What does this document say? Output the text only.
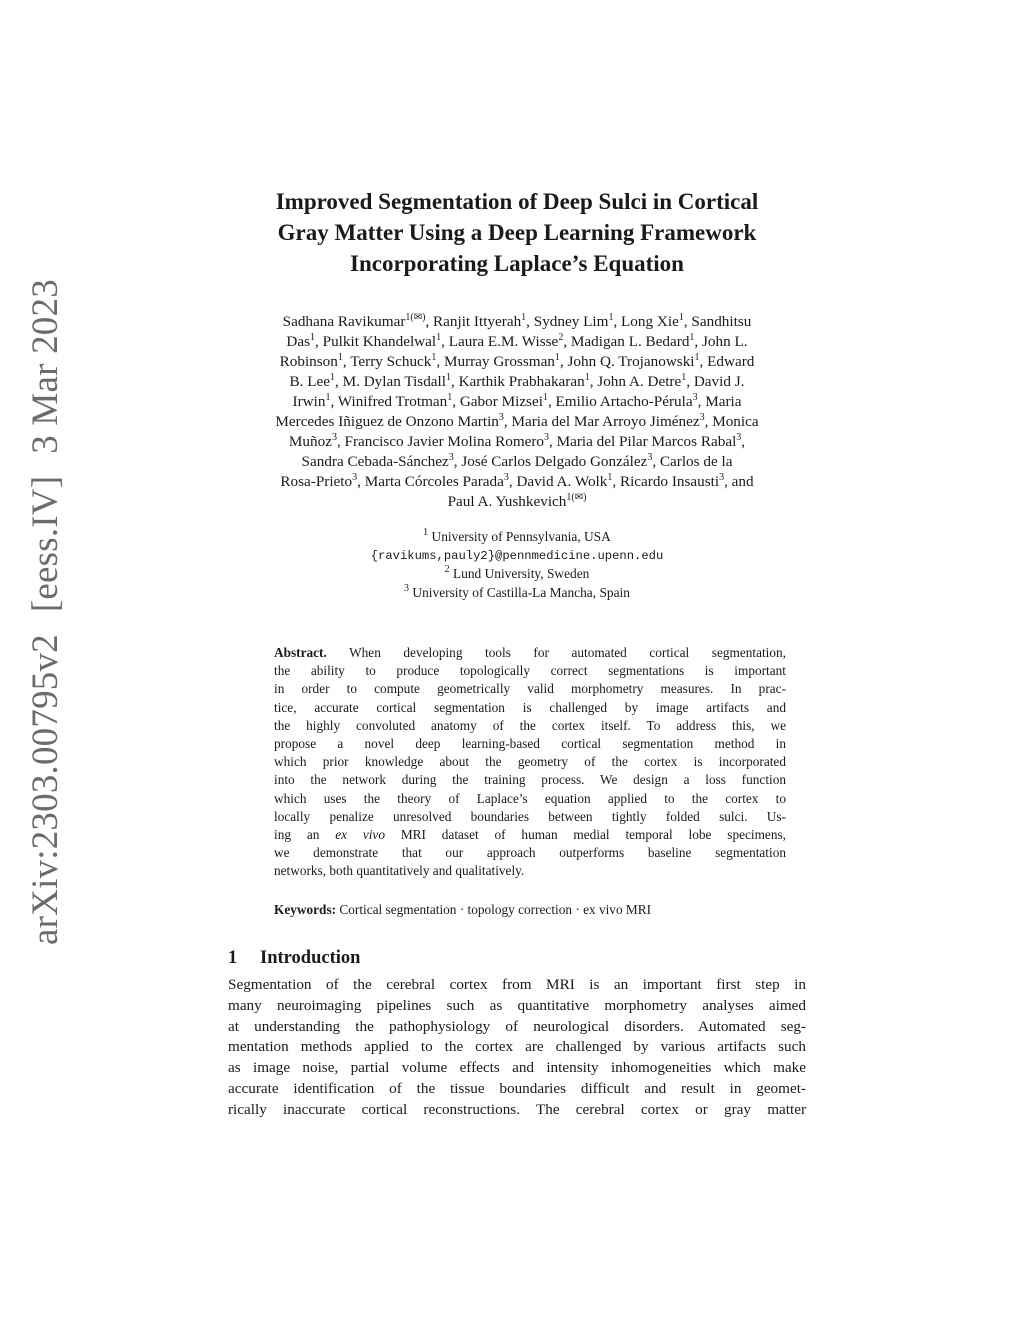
arXiv:2303.00795v2[eess.IV]3 Mar 2023
Improved Segmentation of Deep Sulci in Cortical
Gray Matter Using a Deep Learning Framework
Incorporating Laplace’s Equation
Sadhana Ravikumar$^{1(✉)}$, Ranjit Ittyerah$^1$, Sydney Lim$^1$, Long Xie$^1$, Sandhitsu
Das$^1$, Pulkit Khandelwal$^1$, Laura E.M. Wisse$^2$, Madigan L. Bedard$^1$, John L.
Robinson$^1$, Terry Schuck$^1$, Murray Grossman$^1$, John Q. Trojanowski$^1$, Edward
B. Lee$^1$, M. Dylan Tisdall$^1$, Karthik Prabhakaran$^1$, John A. Detre$^1$, David J.
Irwin$^1$, Winifred Trotman$^1$, Gabor Mizsei$^1$, Emilio Artacho-Pérula$^3$, Maria
Mercedes Iñiguez de Onzono Martin$^3$, Maria del Mar Arroyo Jiménez$^3$, Monica
Muñoz$^3$, Francisco Javier Molina Romero$^3$, Maria del Pilar Marcos Rabal$^3$,
Sandra Cebada-Sánchez$^3$, José Carlos Delgado González$^3$, Carlos de la
Rosa-Prieto$^3$, Marta Córcoles Parada$^3$, David A. Wolk$^1$, Ricardo Insausti$^3$, and
Paul A. Yushkevich$^{1(✉)}$
$^1$ University of Pennsylvania, USA
{ravikums,pauly2}@pennmedicine.upenn.edu
$^2$ Lund University, Sweden
$^3$ University of Castilla-La Mancha, Spain
Abstract. When developing tools for automated cortical segmentation,
the ability to produce topologically correct segmentations is important
in order to compute geometrically valid morphometry measures. In prac-
tice, accurate cortical segmentation is challenged by image artifacts and
the highly convoluted anatomy of the cortex itself. To address this, we
propose a novel deep learning-based cortical segmentation method in
which prior knowledge about the geometry of the cortex is incorporated
into the network during the training process. We design a loss function
which uses the theory of Laplace’s equation applied to the cortex to
locally penalize unresolved boundaries between tightly folded sulci. Us-
ing an ex vivo MRI dataset of human medial temporal lobe specimens,
we demonstrate that our approach outperforms baseline segmentation
networks, both quantitatively and qualitatively.
Keywords: Cortical segmentation · topology correction · ex vivo MRI
1 Introduction
Segmentation of the cerebral cortex from MRI is an important first step in
many neuroimaging pipelines such as quantitative morphometry analyses aimed
at understanding the pathophysiology of neurological disorders. Automated seg-
mentation methods applied to the cortex are challenged by various artifacts such
as image noise, partial volume effects and intensity inhomogeneities which make
accurate identification of the tissue boundaries difficult and result in geomet-
rically inaccurate cortical reconstructions. The cerebral cortex or gray matter
